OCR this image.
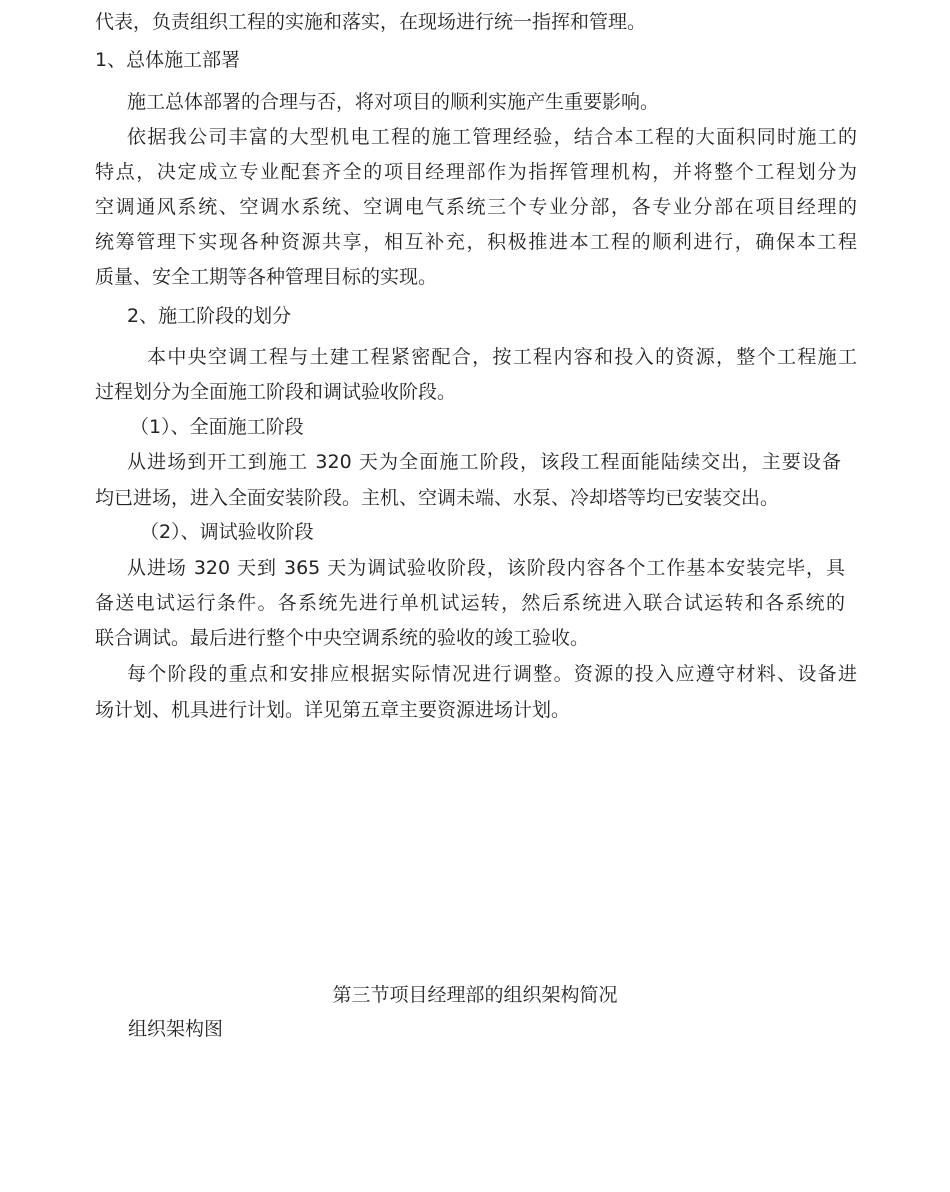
代表，负责组织工程的实施和落实，在现场进行统一指挥和管理。

1、总体施工部署

施工总体部署的合理与否，将对项目的顺利实施产生重要影响。

依据我公司丰富的大型机电工程的施工管理经验，结合本工程的大面积同时施工的

特点，决定成立专业配套齐全的项目经理部作为指挥管理机构，并将整个工程划分为

空调通风系统、空调水系统、空调电气系统三个专业分部，各专业分部在项目经理的

统筹管理下实现各种资源共享，相互补充，积极推进本工程的顺利进行，确保本工程

质量、安全工期等各种管理目标的实现。

2、施工阶段的划分

本中央空调工程与土建工程紧密配合，按工程内容和投入的资源，整个工程施工

过程划分为全面施工阶段和调试验收阶段。

（1）、全面施工阶段

从进场到开工到施工 320 天为全面施工阶段，该段工程面能陆续交出，主要设备

均已进场，进入全面安装阶段。主机、空调未端、水泵、冷却塔等均已安装交出。

（2）、调试验收阶段

从进场 320 天到 365 天为调试验收阶段，该阶段内容各个工作基本安装完毕，具

备送电试运行条件。各系统先进行单机试运转，然后系统进入联合试运转和各系统的

联合调试。最后进行整个中央空调系统的验收的竣工验收。

每个阶段的重点和安排应根据实际情况进行调整。资源的投入应遵守材料、设备进

场计划、机具进行计划。详见第五章主要资源进场计划。

第三节项目经理部的组织架构简况

组织架构图
